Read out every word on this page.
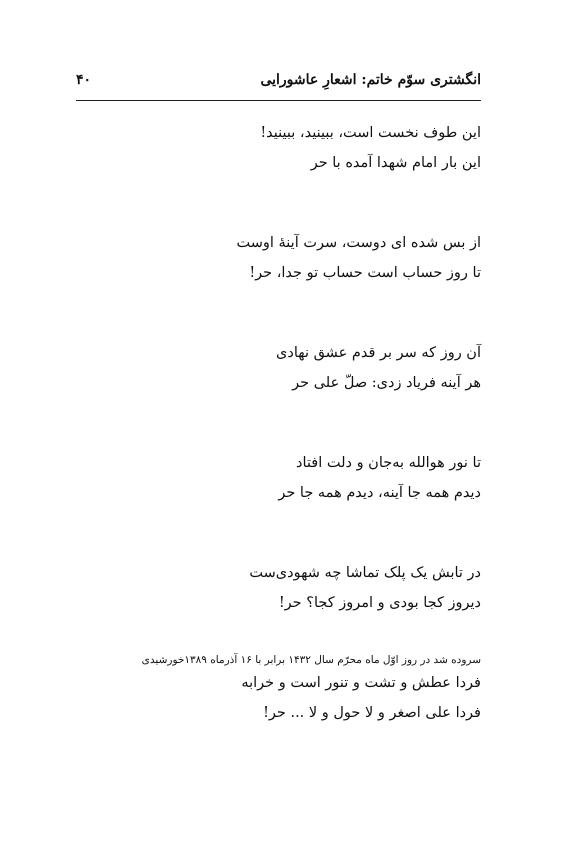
انگشتری سوّم خاتم: اشعارِ عاشورایی
۴۰
این طوف نخست است، ببینید، ببینید!
این بار امام شهدا آمده با حر
از بس شده ای دوست، سرت آینهٔ اوست
تا روز حساب است حساب تو جدا، حر!
آن روز که سر بر قدم عشق نهادی
هر آینه فریاد زدی: صلّ علی حر
تا نور هوالله به‌جان و دلت افتاد
دیدم همه جا آینه، دیدم همه جا حر
در تابش یک پلک تماشا چه شهودی‌ست
دیروز کجا بودی و امروز کجا؟ حر!
فردا عطش و تشت و تنور است و خرابه
فردا علی اصغر و لا حول و لا ... حر!
سروده شد در روز اوّل ماه محرّم سال ۱۴۳۲ برابر با ۱۶ آذرماه ۱۳۸۹خورشیدی
